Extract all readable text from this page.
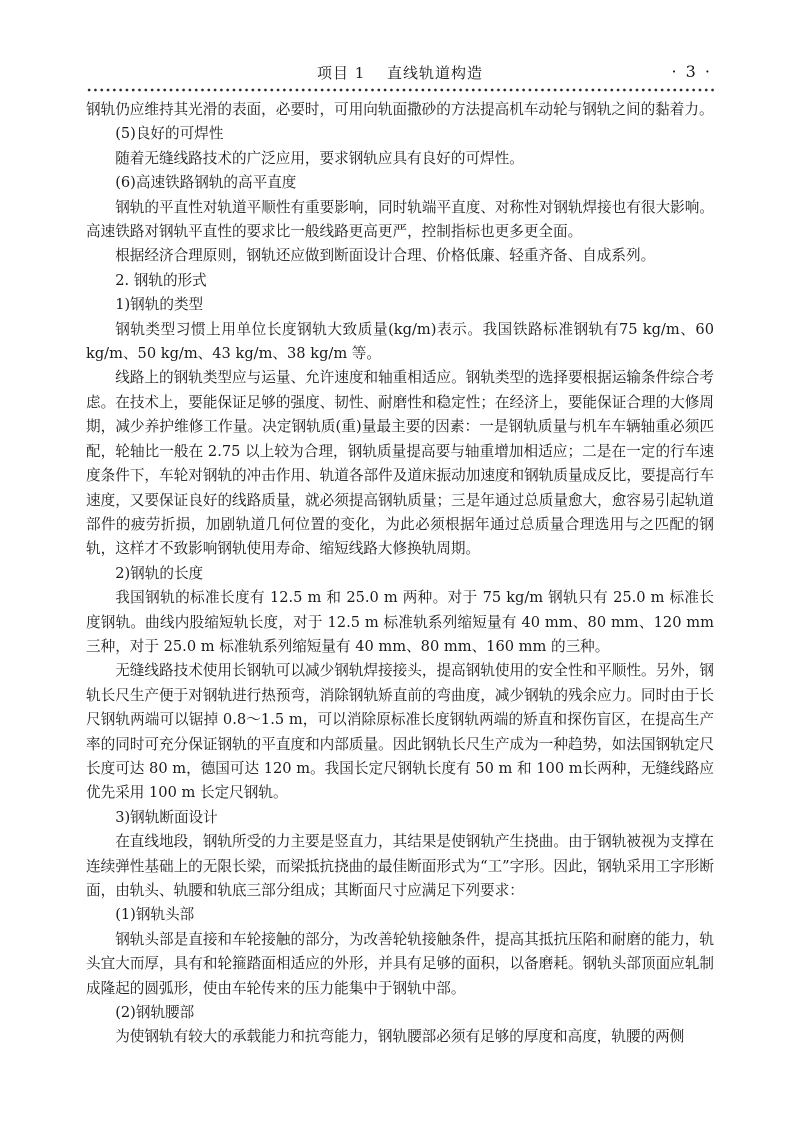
项目 1　 直线轨道构造	· 3 ·

钢轨仍应维持其光滑的表面，必要时，可用向轨面撒砂的方法提高机车动轮与钢轨之间的黏着力。

(5)良好的可焊性

随着无缝线路技术的广泛应用，要求钢轨应具有良好的可焊性。

(6)高速铁路钢轨的高平直度

钢轨的平直性对轨道平顺性有重要影响，同时轨端平直度、对称性对钢轨焊接也有很大影响。高速铁路对钢轨平直性的要求比一般线路更高更严，控制指标也更多更全面。

根据经济合理原则，钢轨还应做到断面设计合理、价格低廉、轻重齐备、自成系列。

2. 钢轨的形式

1)钢轨的类型

钢轨类型习惯上用单位长度钢轨大致质量(kg/m)表示。我国铁路标准钢轨有75 kg/m、60 kg/m、50 kg/m、43 kg/m、38 kg/m 等。

线路上的钢轨类型应与运量、允许速度和轴重相适应。钢轨类型的选择要根据运输条件综合考虑。在技术上，要能保证足够的强度、韧性、耐磨性和稳定性；在经济上，要能保证合理的大修周期，减少养护维修工作量。决定钢轨质(重)量最主要的因素：一是钢轨质量与机车车辆轴重必须匹配，轮轴比一般在 2.75 以上较为合理，钢轨质量提高要与轴重增加相适应；二是在一定的行车速度条件下，车轮对钢轨的冲击作用、轨道各部件及道床振动加速度和钢轨质量成反比，要提高行车速度，又要保证良好的线路质量，就必须提高钢轨质量；三是年通过总质量愈大，愈容易引起轨道部件的疲劳折损，加剧轨道几何位置的变化，为此必须根据年通过总质量合理选用与之匹配的钢轨，这样才不致影响钢轨使用寿命、缩短线路大修换轨周期。

2)钢轨的长度

我国钢轨的标准长度有 12.5 m 和 25.0 m 两种。对于 75 kg/m 钢轨只有 25.0 m 标准长度钢轨。曲线内股缩短轨长度，对于 12.5 m 标准轨系列缩短量有 40 mm、80 mm、120 mm 三种，对于 25.0 m 标准轨系列缩短量有 40 mm、80 mm、160 mm 的三种。

无缝线路技术使用长钢轨可以减少钢轨焊接接头，提高钢轨使用的安全性和平顺性。另外，钢轨长尺生产便于对钢轨进行热预弯，消除钢轨矫直前的弯曲度，减少钢轨的残余应力。同时由于长尺钢轨两端可以锯掉 0.8～1.5 m，可以消除原标准长度钢轨两端的矫直和探伤盲区，在提高生产率的同时可充分保证钢轨的平直度和内部质量。因此钢轨长尺生产成为一种趋势，如法国钢轨定尺长度可达 80 m，德国可达 120 m。我国长定尺钢轨长度有 50 m 和 100 m长两种，无缝线路应优先采用 100 m 长定尺钢轨。

3)钢轨断面设计

在直线地段，钢轨所受的力主要是竖直力，其结果是使钢轨产生挠曲。由于钢轨被视为支撑在连续弹性基础上的无限长梁，而梁抵抗挠曲的最佳断面形式为“工”字形。因此，钢轨采用工字形断面，由轨头、轨腰和轨底三部分组成；其断面尺寸应满足下列要求：

(1)钢轨头部

钢轨头部是直接和车轮接触的部分，为改善轮轨接触条件，提高其抵抗压陷和耐磨的能力，轨头宜大而厚，具有和轮箍踏面相适应的外形，并具有足够的面积，以备磨耗。钢轨头部顶面应轧制成隆起的圆弧形，使由车轮传来的压力能集中于钢轨中部。

(2)钢轨腰部

为使钢轨有较大的承载能力和抗弯能力，钢轨腰部必须有足够的厚度和高度，轨腰的两侧
